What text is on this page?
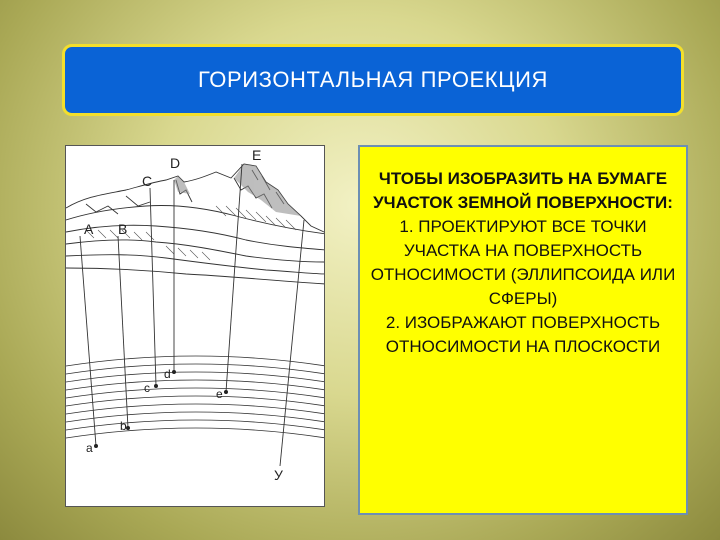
ГОРИЗОНТАЛЬНАЯ ПРОЕКЦИЯ
A B
C
D	E
a
b
c
d
e
У

ЧТОБЫ ИЗОБРАЗИТЬ НА БУМАГЕ УЧАСТОК ЗЕМНОЙ ПОВЕРХНОСТИ:

1. ПРОЕКТИРУЮТ ВСЕ ТОЧКИ УЧАСТКА НА ПОВЕРХНОСТЬ ОТНОСИМОСТИ (ЭЛЛИПСОИДА ИЛИ СФЕРЫ)

2. ИЗОБРАЖАЮТ ПОВЕРХНОСТЬ ОТНОСИМОСТИ НА ПЛОСКОСТИ
